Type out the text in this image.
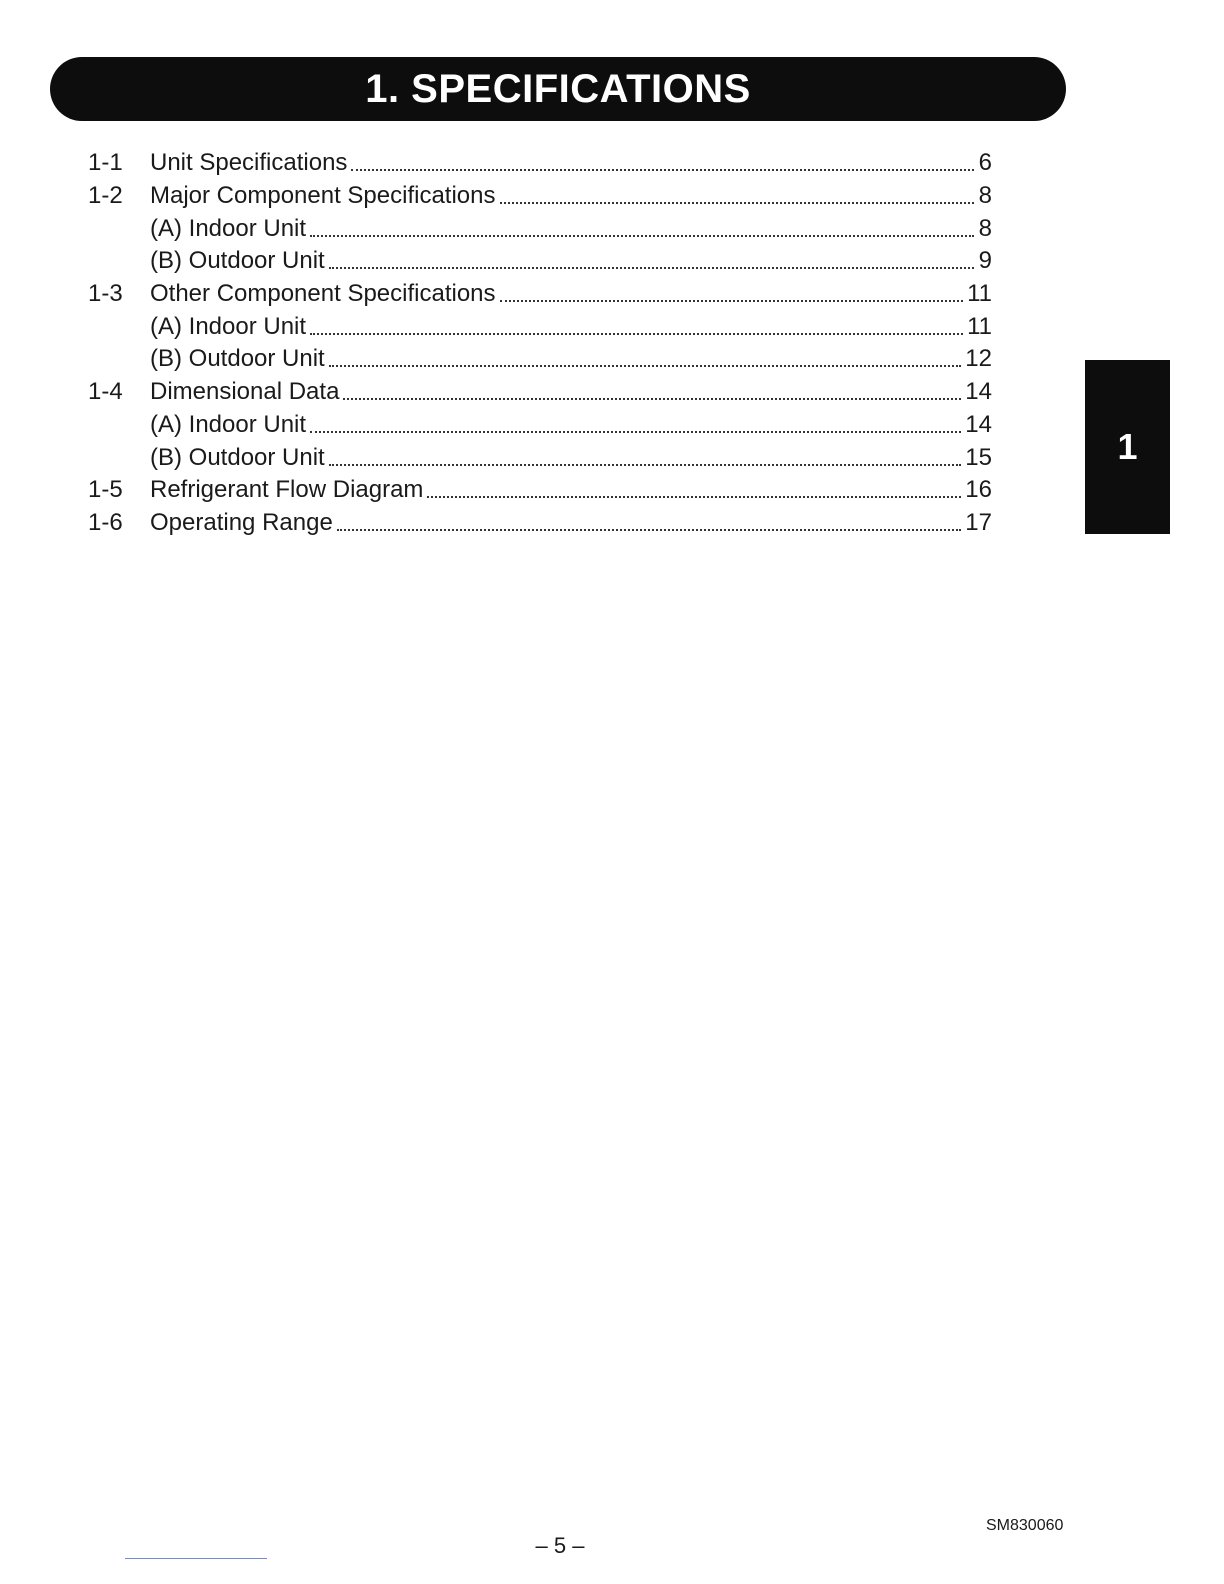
1. SPECIFICATIONS
1-1	Unit Specifications	6
1-2	Major Component Specifications	8
(A) Indoor Unit	8
(B) Outdoor Unit	9
1-3	Other Component Specifications	11
(A) Indoor Unit	11
(B) Outdoor Unit	12
1-4	Dimensional Data	14
(A) Indoor Unit	14
(B) Outdoor Unit	15
1-5	Refrigerant Flow Diagram	16
1-6	Operating Range	17
1
SM830060
– 5 –
